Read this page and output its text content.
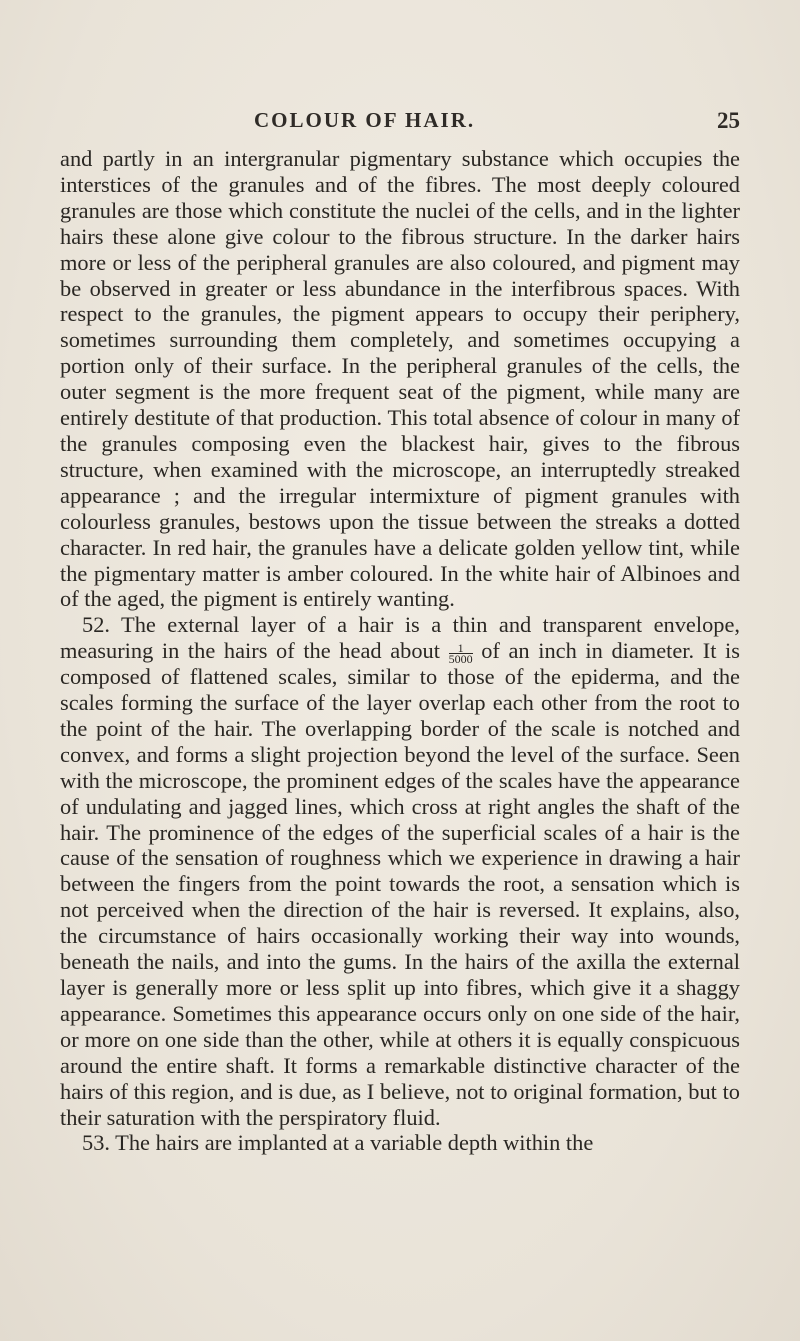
COLOUR OF HAIR.	25

and partly in an intergranular pigmentary substance which occupies the interstices of the granules and of the fibres. The most deeply coloured granules are those which constitute the nuclei of the cells, and in the lighter hairs these alone give colour to the fibrous structure. In the darker hairs more or less of the peripheral granules are also coloured, and pigment may be observed in greater or less abundance in the interfibrous spaces. With respect to the granules, the pigment appears to occupy their periphery, sometimes surrounding them completely, and sometimes occupying a portion only of their surface. In the peripheral granules of the cells, the outer segment is the more frequent seat of the pigment, while many are entirely destitute of that production. This total absence of colour in many of the granules composing even the blackest hair, gives to the fibrous structure, when examined with the microscope, an interruptedly streaked appearance ; and the irregular intermixture of pigment granules with colourless granules, bestows upon the tissue between the streaks a dotted character. In red hair, the granules have a delicate golden yellow tint, while the pigmentary matter is amber coloured. In the white hair of Albinoes and of the aged, the pigment is entirely wanting.

52. The external layer of a hair is a thin and transparent envelope, measuring in the hairs of the head about $\frac{1}{5000}$ of an inch in diameter. It is composed of flattened scales, similar to those of the epiderma, and the scales forming the surface of the layer overlap each other from the root to the point of the hair. The overlapping border of the scale is notched and convex, and forms a slight projection beyond the level of the surface. Seen with the microscope, the prominent edges of the scales have the appearance of undulating and jagged lines, which cross at right angles the shaft of the hair. The prominence of the edges of the superficial scales of a hair is the cause of the sensation of roughness which we experience in drawing a hair between the fingers from the point towards the root, a sensation which is not perceived when the direction of the hair is reversed. It explains, also, the circumstance of hairs occasionally working their way into wounds, beneath the nails, and into the gums. In the hairs of the axilla the external layer is generally more or less split up into fibres, which give it a shaggy appearance. Sometimes this appearance occurs only on one side of the hair, or more on one side than the other, while at others it is equally conspicuous around the entire shaft. It forms a remarkable distinctive character of the hairs of this region, and is due, as I believe, not to original formation, but to their saturation with the perspiratory fluid.

53. The hairs are implanted at a variable depth within the
